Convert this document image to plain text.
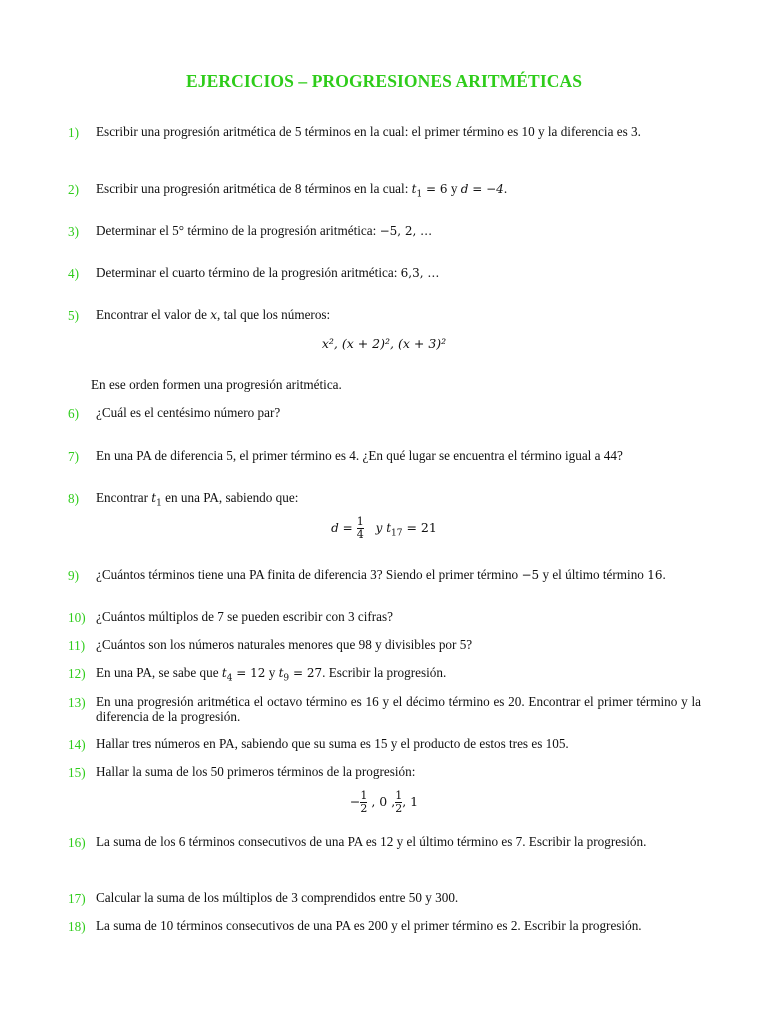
EJERCICIOS – PROGRESIONES ARITMÉTICAS
1) Escribir una progresión aritmética de 5 términos en la cual: el primer término es 10 y la diferencia es 3.
2) Escribir una progresión aritmética de 8 términos en la cual: $t_1 = 6$ y d = −4.
3) Determinar el 5° término de la progresión aritmética: −5, 2, …
4) Determinar el cuarto término de la progresión aritmética: 6,3, …
5) Encontrar el valor de x, tal que los números:
x², (x + 2)², (x + 3)²
En ese orden formen una progresión aritmética.
6) ¿Cuál es el centésimo número par?
7) En una PA de diferencia 5, el primer término es 4. ¿En qué lugar se encuentra el término igual a 44?
8) Encontrar $t_1$ en una PA, sabiendo que:
$d = \frac{1}{4}$ y $t_{17} = 21$
9) ¿Cuántos términos tiene una PA finita de diferencia 3? Siendo el primer término −5 y el último término 16.
10) ¿Cuántos múltiplos de 7 se pueden escribir con 3 cifras?
11) ¿Cuántos son los números naturales menores que 98 y divisibles por 5?
12) En una PA, se sabe que $t_4 = 12$ y $t_9 = 27$. Escribir la progresión.
13) En una progresión aritmética el octavo término es 16 y el décimo término es 20. Encontrar el primer término y la diferencia de la progresión.
14) Hallar tres números en PA, sabiendo que su suma es 15 y el producto de estos tres es 105.
15) Hallar la suma de los 50 primeros términos de la progresión:
− $\frac{1}{2}$ , 0 , $\frac{1}{2}$ , 1
16) La suma de los 6 términos consecutivos de una PA es 12 y el último término es 7. Escribir la progresión.
17) Calcular la suma de los múltiplos de 3 comprendidos entre 50 y 300.
18) La suma de 10 términos consecutivos de una PA es 200 y el primer término es 2. Escribir la progresión.
